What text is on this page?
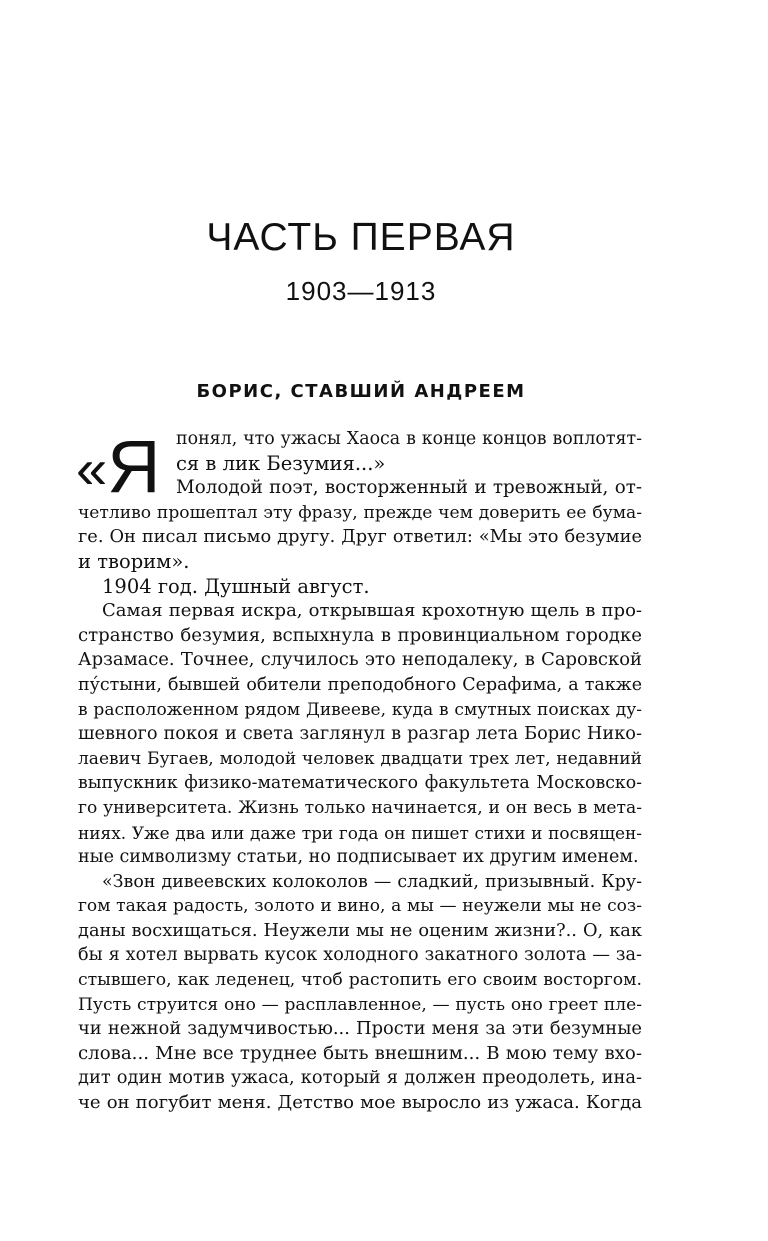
ЧАСТЬ ПЕРВАЯ
1903—1913
БОРИС, СТАВШИЙ АНДРЕЕМ
«Я понял, что ужасы Хаоса в конце концов воплотят-
ся в лик Безумия...»
Молодой поэт, восторженный и тревожный, от-
четливо прошептал эту фразу, прежде чем доверить ее бума-
ге. Он писал письмо другу. Друг ответил: «Мы это безумие
и творим».
1904 год. Душный август.
Самая первая искра, открывшая крохотную щель в про-
странство безумия, вспыхнула в провинциальном городке
Арзамасе. Точнее, случилось это неподалеку, в Саровской
пу́стыни, бывшей обители преподобного Серафима, а также
в расположенном рядом Дивееве, куда в смутных поисках ду-
шевного покоя и света заглянул в разгар лета Борис Нико-
лаевич Бугаев, молодой человек двадцати трех лет, недавний
выпускник физико-математического факультета Московско-
го университета. Жизнь только начинается, и он весь в мета-
ниях. Уже два или даже три года он пишет стихи и посвящен-
ные символизму статьи, но подписывает их другим именем.
«Звон дивеевских колоколов — сладкий, призывный. Кру-
гом такая радость, золото и вино, а мы — неужели мы не соз-
даны восхищаться. Неужели мы не оценим жизни?.. О, как
бы я хотел вырвать кусок холодного закатного золота — за-
стывшего, как леденец, чтоб растопить его своим восторгом.
Пусть струится оно — расплавленное, — пусть оно греет пле-
чи нежной задумчивостью... Прости меня за эти безумные
слова... Мне все труднее быть внешним... В мою тему вхо-
дит один мотив ужаса, который я должен преодолеть, ина-
че он погубит меня. Детство мое выросло из ужаса. Когда
